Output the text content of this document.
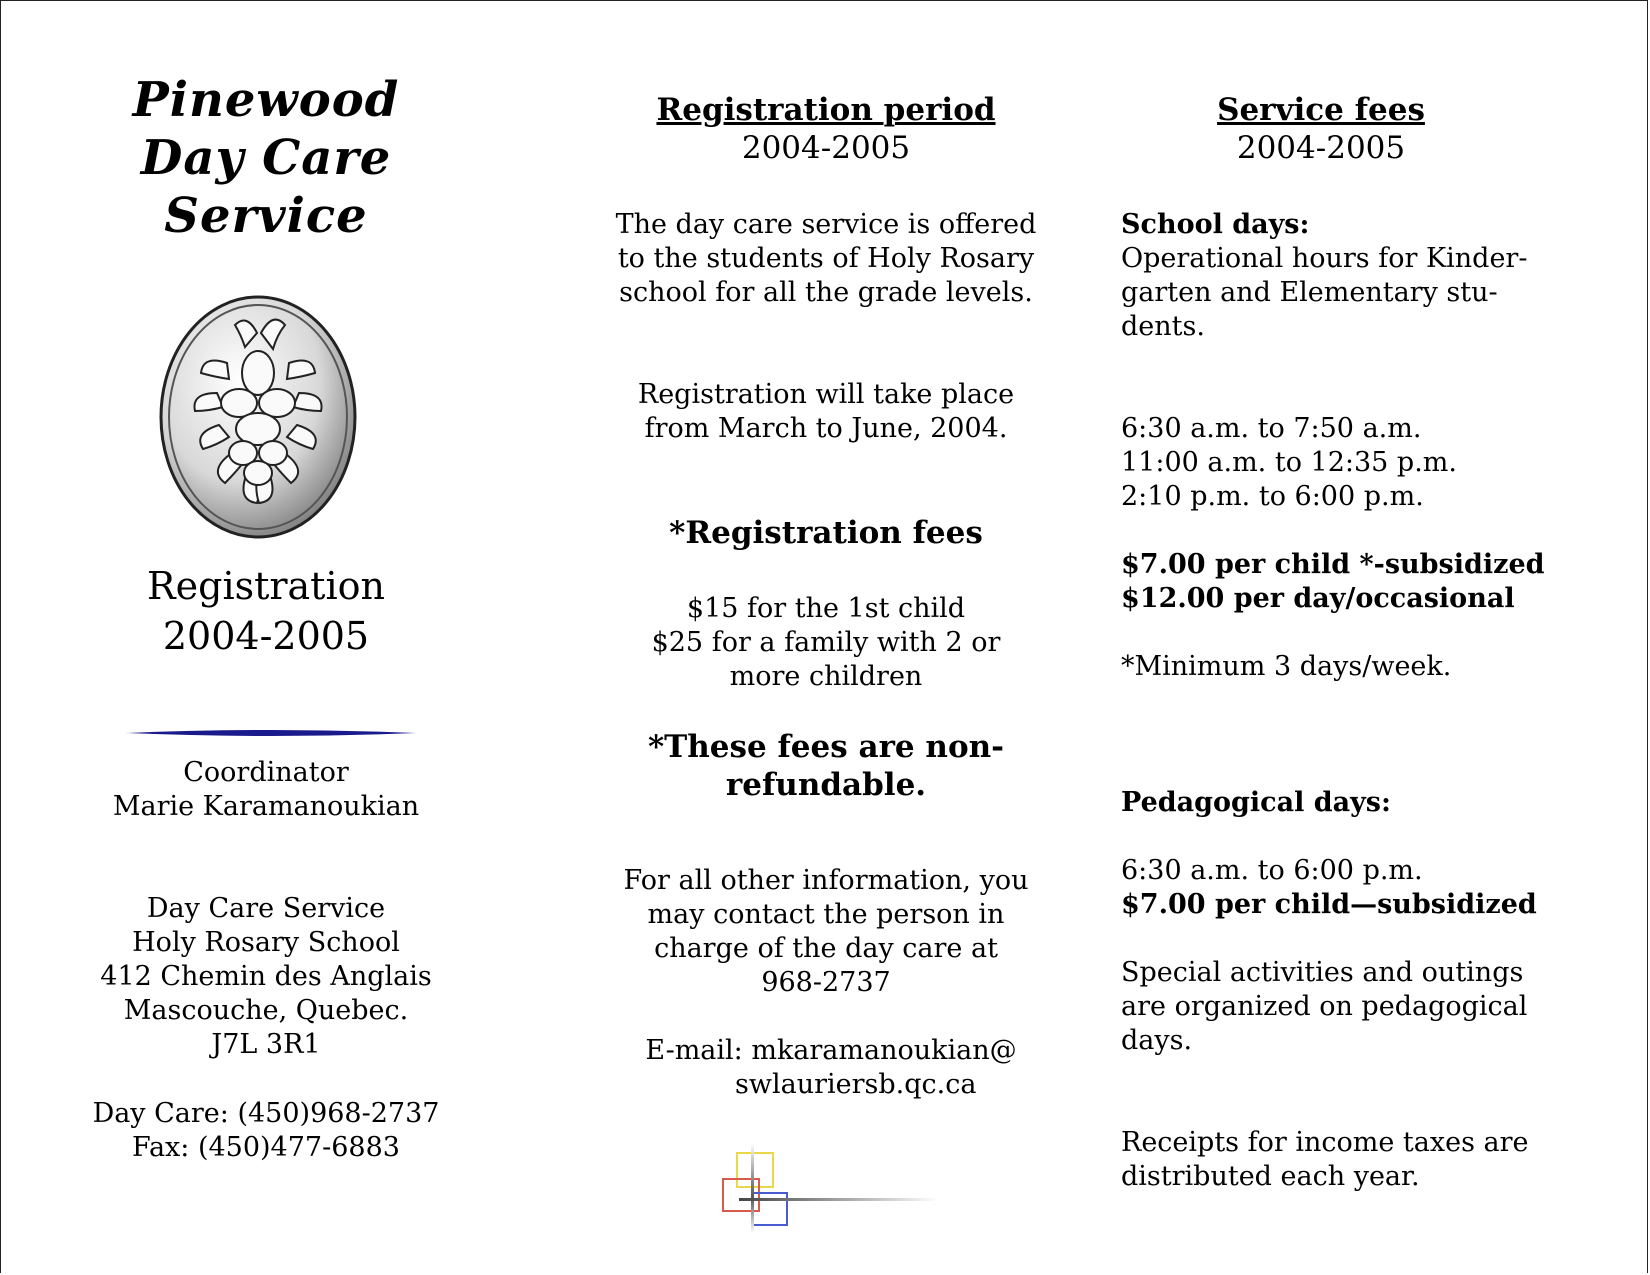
Pinewood
Day Care
Service
Registration
2004-2005
Coordinator
Marie Karamanoukian
Day Care Service
Holy Rosary School
412 Chemin des Anglais
Mascouche, Quebec.
J7L 3R1
Day Care: (450)968-2737
Fax: (450)477-6883
Registration period
2004-2005
The day care service is offered
to the students of Holy Rosary
school for all the grade levels.
Registration will take place
from March to June, 2004.
*Registration fees
$15 for the 1st child
$25 for a family with 2 or
more children
*These fees are non-
refundable.
For all other information, you
may contact the person in
charge of the day care at
968-2737
E-mail: mkaramanoukian@
swlauriersb.qc.ca
Service fees
2004-2005
School days:
Operational hours for Kinder-
garten and Elementary stu-
dents.
6:30 a.m. to 7:50 a.m.
11:00 a.m. to 12:35 p.m.
2:10 p.m. to 6:00 p.m.
$7.00 per child *-subsidized
$12.00 per day/occasional
*Minimum 3 days/week.
Pedagogical days:
6:30 a.m. to 6:00 p.m.
$7.00 per child—subsidized
Special activities and outings
are organized on pedagogical
days.
Receipts for income taxes are
distributed each year.
